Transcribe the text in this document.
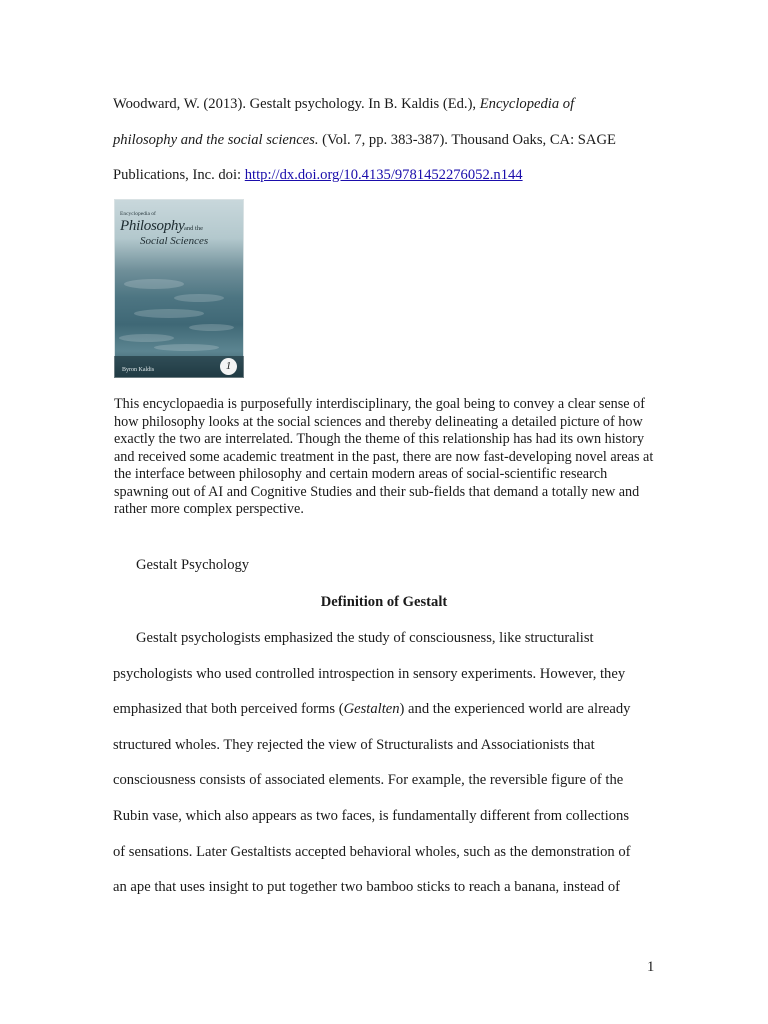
Woodward, W. (2013). Gestalt psychology. In B. Kaldis (Ed.), Encyclopedia of
philosophy and the social sciences. (Vol. 7, pp. 383-387). Thousand Oaks, CA: SAGE
Publications, Inc. doi: http://dx.doi.org/10.4135/9781452276052.n144
Encyclopedia of
Philosophy and the
Social Sciences
Byron Kaldis	1

This encyclopaedia is purposefully interdisciplinary, the goal being to convey a clear sense of how philosophy looks at the social sciences and thereby delineating a detailed picture of how exactly the two are interrelated. Though the theme of this relationship has had its own history and received some academic treatment in the past, there are now fast-developing novel areas at the interface between philosophy and certain modern areas of social-scientific research spawning out of AI and Cognitive Studies and their sub-fields that demand a totally new and rather more complex perspective.

Gestalt Psychology
Definition of Gestalt
Gestalt psychologists emphasized the study of consciousness, like structuralist
psychologists who used controlled introspection in sensory experiments. However, they
emphasized that both perceived forms (Gestalten) and the experienced world are already
structured wholes. They rejected the view of Structuralists and Associationists that
consciousness consists of associated elements. For example, the reversible figure of the
Rubin vase, which also appears as two faces, is fundamentally different from collections
of sensations. Later Gestaltists accepted behavioral wholes, such as the demonstration of
an ape that uses insight to put together two bamboo sticks to reach a banana, instead of
1
